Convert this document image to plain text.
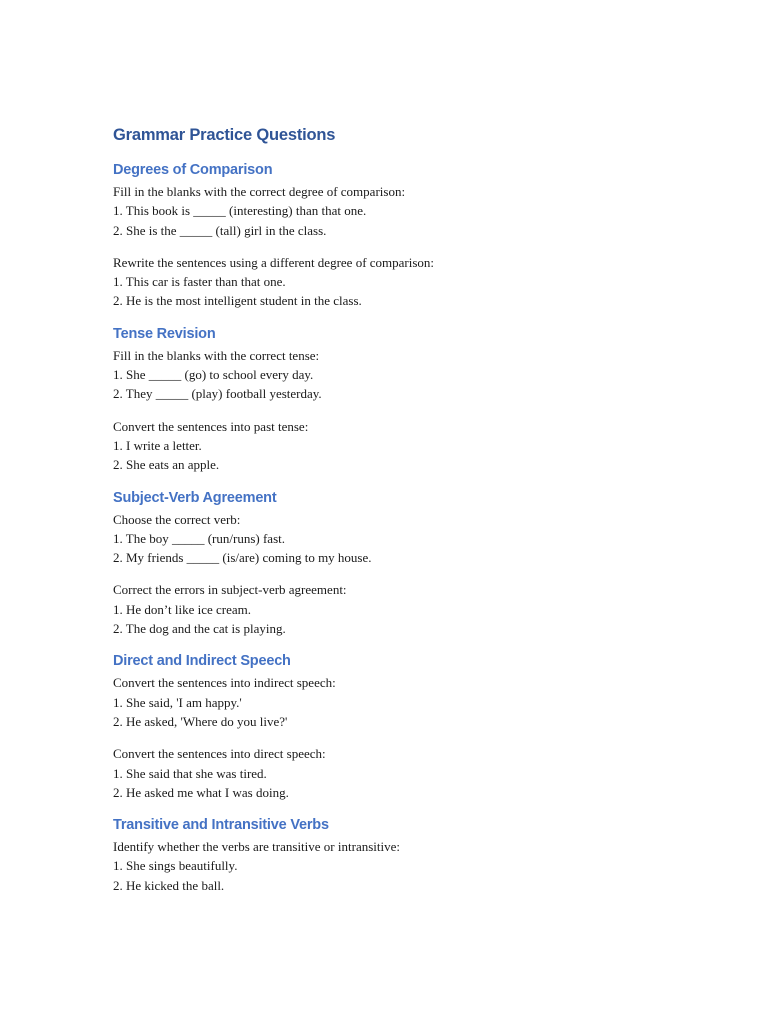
Grammar Practice Questions
Degrees of Comparison

Fill in the blanks with the correct degree of comparison:

1. This book is _____ (interesting) than that one.

2. She is the _____ (tall) girl in the class.

Rewrite the sentences using a different degree of comparison:

1. This car is faster than that one.

2. He is the most intelligent student in the class.

Tense Revision

Fill in the blanks with the correct tense:

1. She _____ (go) to school every day.

2. They _____ (play) football yesterday.

Convert the sentences into past tense:

1. I write a letter.

2. She eats an apple.

Subject-Verb Agreement

Choose the correct verb:

1. The boy _____ (run/runs) fast.

2. My friends _____ (is/are) coming to my house.

Correct the errors in subject-verb agreement:

1. He don’t like ice cream.

2. The dog and the cat is playing.

Direct and Indirect Speech

Convert the sentences into indirect speech:

1. She said, 'I am happy.'

2. He asked, 'Where do you live?'

Convert the sentences into direct speech:

1. She said that she was tired.

2. He asked me what I was doing.

Transitive and Intransitive Verbs

Identify whether the verbs are transitive or intransitive:

1. She sings beautifully.

2. He kicked the ball.
